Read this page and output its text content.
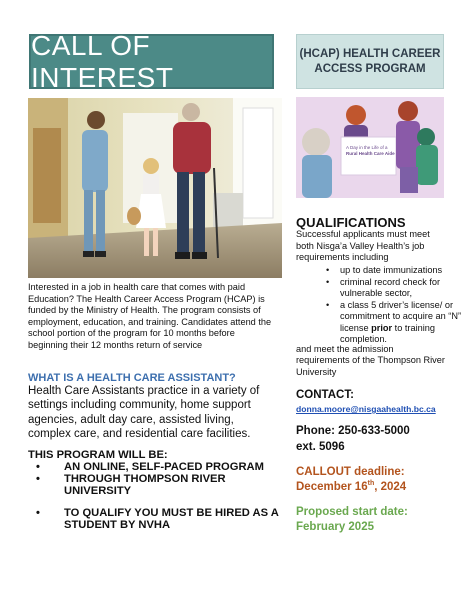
CALL OF INTEREST
(HCAP) HEALTH CAREER
ACCESS PROGRAM
A Day in the Life of a
Rural Health Care Aide
Interested in a job in health care that comes with paid Education? The Health Career Access Program (HCAP) is funded by the Ministry of Health. The program consists of employment, education, and training. Candidates attend the school portion of the program for 10 months before beginning their 12 months return of service
WHAT IS A HEALTH CARE ASSISTANT?
Health Care Assistants practice in a variety of settings including community, home support agencies, adult day care, assisted living, complex care, and residential care facilities.
THIS PROGRAM WILL BE:
• AN ONLINE, SELF-PACED PROGRAM
• THROUGH THOMPSON RIVER UNIVERSITY
• TO QUALIFY YOU MUST BE HIRED AS A STUDENT BY NVHA
QUALIFICATIONS
Successful applicants must meet both Nisga’a Valley Health’s job requirements including
• up to date immunizations
• criminal record check for vulnerable sector,
• a class 5 driver’s license/ or commitment to acquire an “N” license prior to training completion.
and meet the admission requirements of the Thompson River University
CONTACT:
donna.moore@nisgaahealth.bc.ca
Phone: 250-633-5000
ext. 5096
CALLOUT deadline:
December 16th, 2024
Proposed start date:
February 2025
